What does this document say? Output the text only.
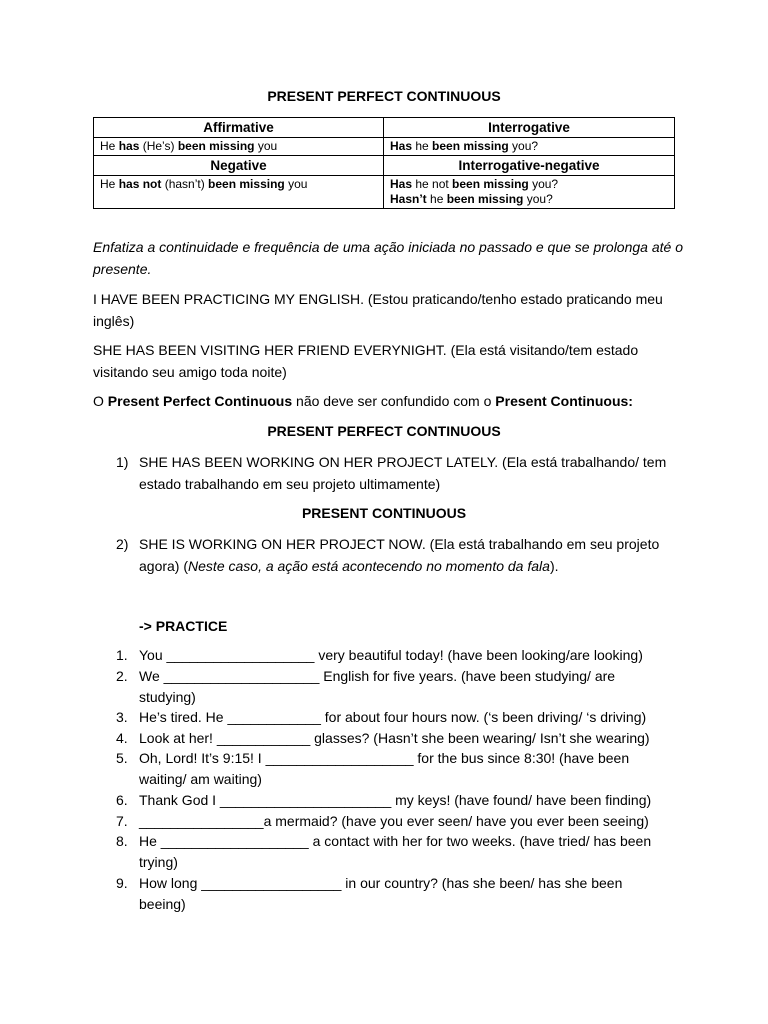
PRESENT PERFECT CONTINUOUS
Affirmative	Interrogative
He has (He’s) been missing you	Has he been missing you?
Negative	Interrogative-negative
He has not (hasn’t) been missing you	Has he not been missing you?
Hasn’t he been missing you?
Enfatiza a continuidade e frequência de uma ação iniciada no passado e que se prolonga até o presente.
I HAVE BEEN PRACTICING MY ENGLISH. (Estou praticando/tenho estado praticando meu inglês)
SHE HAS BEEN VISITING HER FRIEND EVERYNIGHT. (Ela está visitando/tem estado visitando seu amigo toda noite)
O Present Perfect Continuous não deve ser confundido com o Present Continuous:
PRESENT PERFECT CONTINUOUS
1) SHE HAS BEEN WORKING ON HER PROJECT LATELY. (Ela está trabalhando/ tem estado trabalhando em seu projeto ultimamente)
PRESENT CONTINUOUS
2) SHE IS WORKING ON HER PROJECT NOW. (Ela está trabalhando em seu projeto agora) (Neste caso, a ação está acontecendo no momento da fala).
-> PRACTICE
1. You ___________________ very beautiful today! (have been looking/are looking)
2. We ____________________ English for five years. (have been studying/ are studying)
3. He’s tired. He ____________ for about four hours now. (‘s been driving/ ‘s driving)
4. Look at her! ____________ glasses? (Hasn’t she been wearing/ Isn’t she wearing)
5. Oh, Lord! It’s 9:15! I ___________________ for the bus since 8:30! (have been waiting/ am waiting)
6. Thank God I ______________________ my keys! (have found/ have been finding)
7. ________________a mermaid? (have you ever seen/ have you ever been seeing)
8. He ___________________ a contact with her for two weeks. (have tried/ has been trying)
9. How long __________________ in our country? (has she been/ has she been beeing)
